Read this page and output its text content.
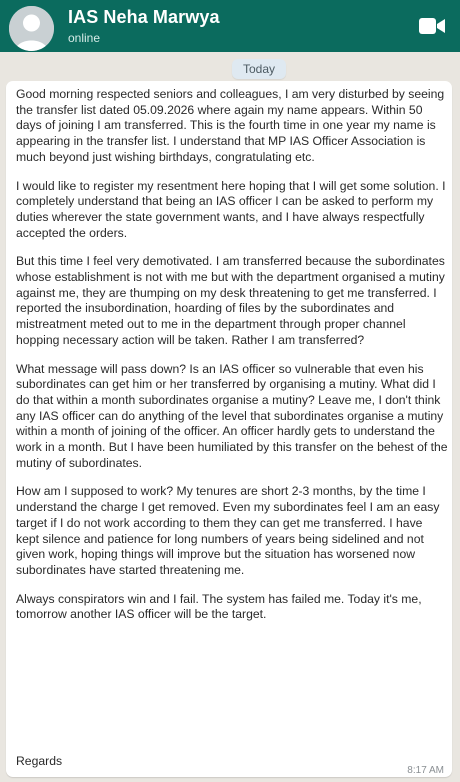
IAS Neha Marwya
online
Today

Good morning respected seniors and colleagues, I am very disturbed by seeing the transfer list dated 05.09.2026 where again my name appears. Within 50 days of joining I am transferred. This is the fourth time in one year my name is appearing in the transfer list. I understand that MP IAS Officer Association is much beyond just wishing birthdays, congratulating etc.

I would like to register my resentment here hoping that I will get some solution. I completely understand that being an IAS officer I can be asked to perform my duties wherever the state government wants, and I have always respectfully accepted the orders.

But this time I feel very demotivated. I am transferred because the subordinates whose establishment is not with me but with the department organised a mutiny against me, they are thumping on my desk threatening to get me transferred. I reported the insubordination, hoarding of files by the subordinates and mistreatment meted out to me in the department through proper channel hopping necessary action will be taken. Rather I am transferred?

What message will pass down? Is an IAS officer so vulnerable that even his subordinates can get him or her transferred by organising a mutiny. What did I do that within a month subordinates organise a mutiny? Leave me, I don't think any IAS officer can do anything of the level that subordinates organise a mutiny within a month of joining of the officer. An officer hardly gets to understand the work in a month. But I have been humiliated by this transfer on the behest of the mutiny of subordinates.

How am I supposed to work? My tenures are short 2-3 months, by the time I understand the charge I get removed. Even my subordinates feel I am an easy target if I do not work according to them they can get me transferred. I have kept silence and patience for long numbers of years being sidelined and not given work, hoping things will improve but the situation has worsened now subordinates have started threatening me.

Always conspirators win and I fail. The system has failed me. Today it's me, tomorrow another IAS officer will be the target.

Regards
8:17 AM
